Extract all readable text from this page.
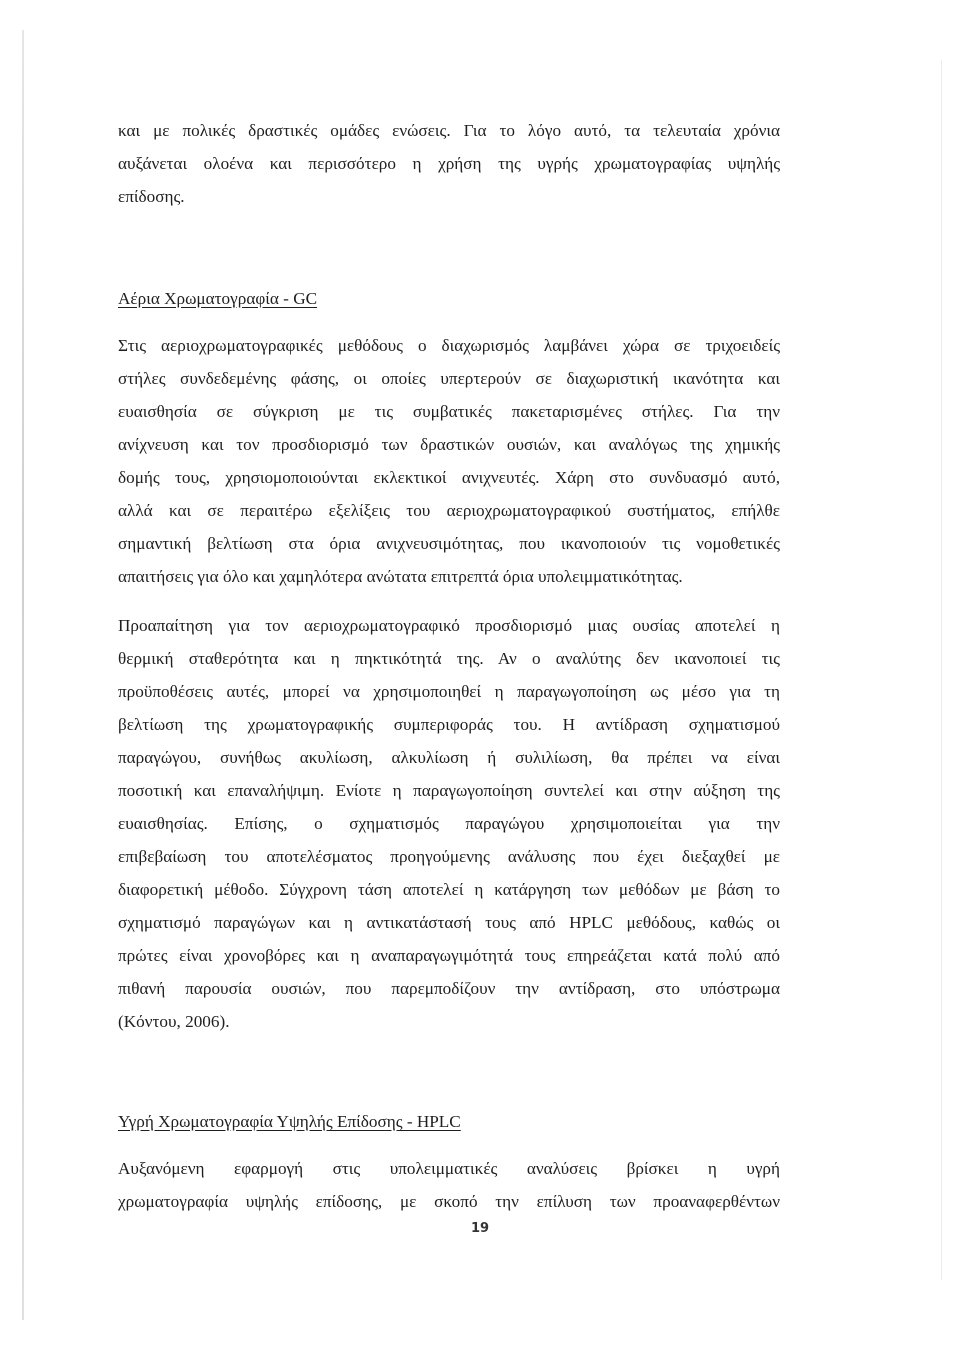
και με πολικές δραστικές ομάδες ενώσεις. Για το λόγο αυτό, τα τελευταία χρόνια
αυξάνεται ολοένα και περισσότερο η χρήση της υγρής χρωματογραφίας υψηλής
επίδοσης.
Αέρια Χρωματογραφία - GC
Στις αεριοχρωματογραφικές μεθόδους ο διαχωρισμός λαμβάνει χώρα σε τριχοειδείς
στήλες συνδεδεμένης φάσης, οι οποίες υπερτερούν σε διαχωριστική ικανότητα και
ευαισθησία σε σύγκριση με τις συμβατικές πακεταρισμένες στήλες. Για την
ανίχνευση και τον προσδιορισμό των δραστικών ουσιών, και αναλόγως της χημικής
δομής τους, χρησιομοποιούνται εκλεκτικοί ανιχνευτές. Χάρη στο συνδυασμό αυτό,
αλλά και σε περαιτέρω εξελίξεις του αεριοχρωματογραφικού συστήματος, επήλθε
σημαντική βελτίωση στα όρια ανιχνευσιμότητας, που ικανοποιούν τις νομοθετικές
απαιτήσεις για όλο και χαμηλότερα ανώτατα επιτρεπτά όρια υπολειμματικότητας.
Προαπαίτηση για τον αεριοχρωματογραφικό προσδιορισμό μιας ουσίας αποτελεί η
θερμική σταθερότητα και η πηκτικότητά της. Αν ο αναλύτης δεν ικανοποιεί τις
προϋποθέσεις αυτές, μπορεί να χρησιμοποιηθεί η παραγωγοποίηση ως μέσο για τη
βελτίωση της χρωματογραφικής συμπεριφοράς του. Η αντίδραση σχηματισμού
παραγώγου, συνήθως ακυλίωση, αλκυλίωση ή συλιλίωση, θα πρέπει να είναι
ποσοτική και επαναλήψιμη. Ενίοτε η παραγωγοποίηση συντελεί και στην αύξηση της
ευαισθησίας. Επίσης, ο σχηματισμός παραγώγου χρησιμοποιείται για την
επιβεβαίωση του αποτελέσματος προηγούμενης ανάλυσης που έχει διεξαχθεί με
διαφορετική μέθοδο. Σύγχρονη τάση αποτελεί η κατάργηση των μεθόδων με βάση το
σχηματισμό παραγώγων και η αντικατάστασή τους από HPLC μεθόδους, καθώς οι
πρώτες είναι χρονοβόρες και η αναπαραγωγιμότητά τους επηρεάζεται κατά πολύ από
πιθανή παρουσία ουσιών, που παρεμποδίζουν την αντίδραση, στο υπόστρωμα
(Κόντου, 2006).
Υγρή Χρωματογραφία Υψηλής Επίδοσης - HPLC
Αυξανόμενη εφαρμογή στις υπολειμματικές αναλύσεις βρίσκει η υγρή
χρωματογραφία υψηλής επίδοσης, με σκοπό την επίλυση των προαναφερθέντων
19
